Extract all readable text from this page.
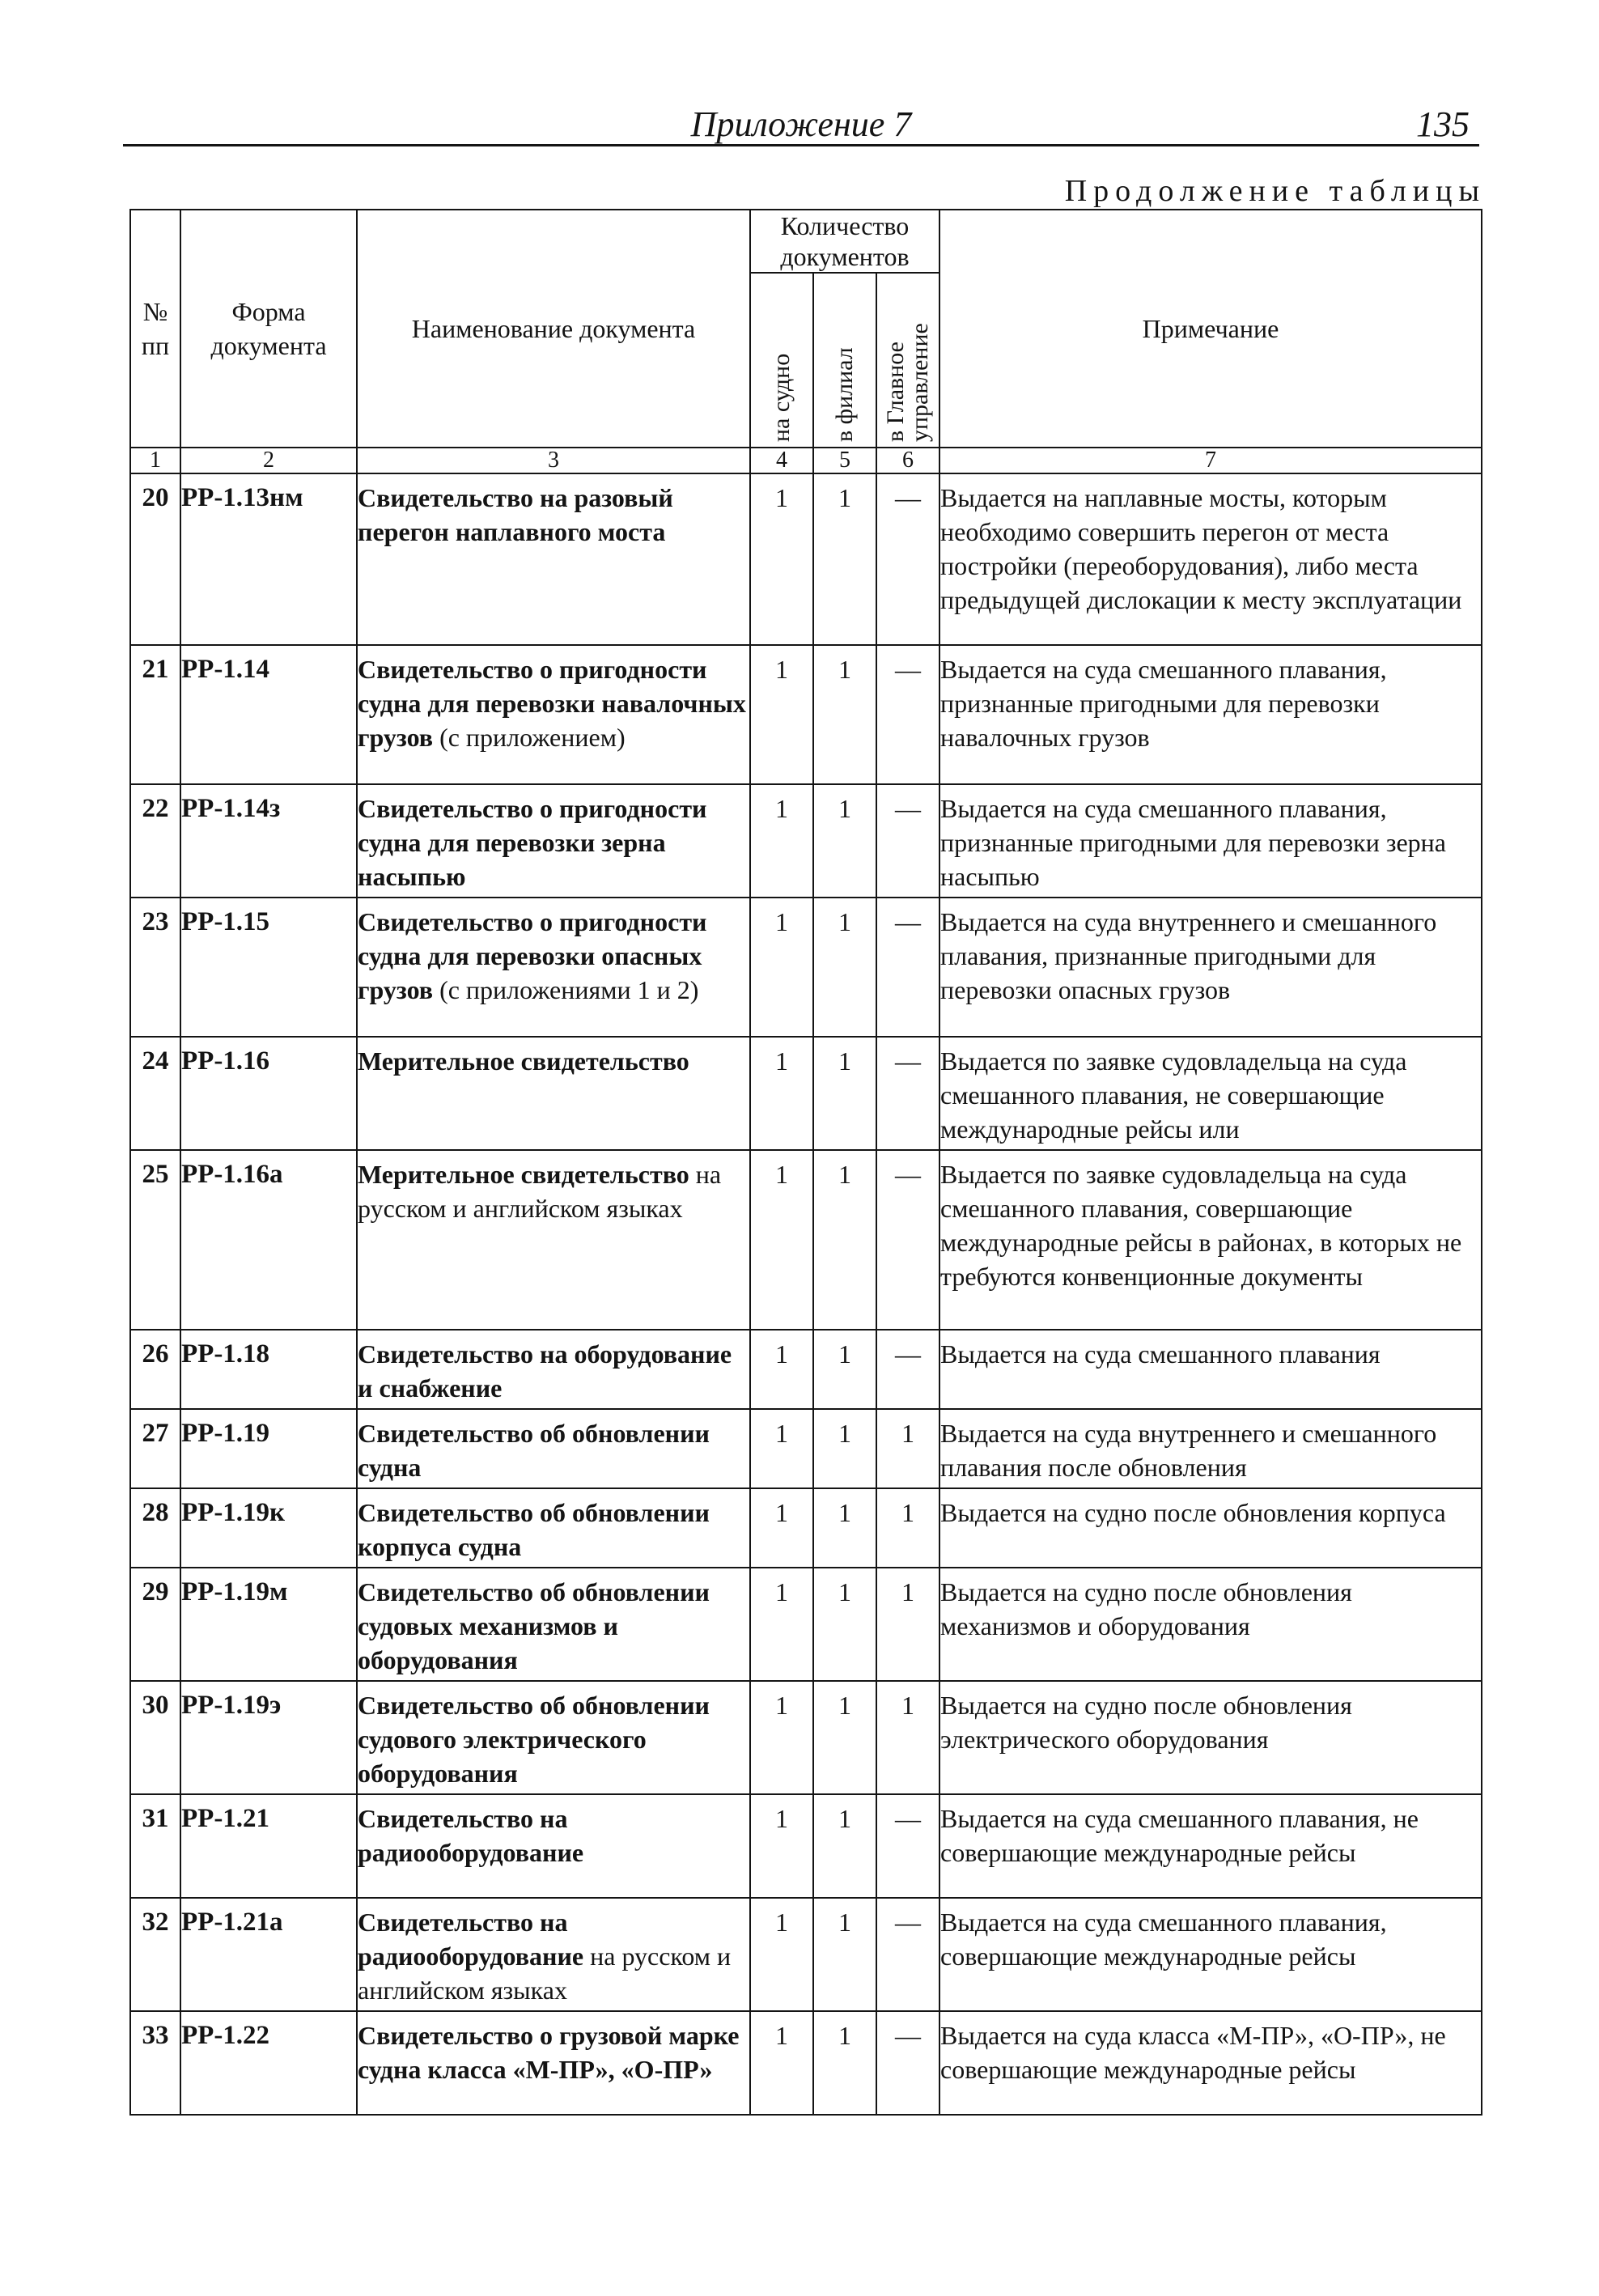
Приложение 7	135
Продолжение таблицы
№ пп	Форма документа	Наименование документа	Количество документов			Примечание

			на судно	в филиал	в Главное управление	

1	2	3	4	5	6	7
20	РР-1.13нм	Свидетельство на разовый перегон наплавного моста	1	1	—	Выдается на наплавные мосты, которым необходимо совершить перегон от места постройки (переоборудования), либо места предыдущей дислокации к месту эксплуатации
21	РР-1.14	Свидетельство о пригодности судна для перевозки навалочных грузов (с приложением)	1	1	—	Выдается на суда смешанного плавания, признанные пригодными для перевозки навалочных грузов
22	РР-1.14з	Свидетельство о пригодности судна для перевозки зерна насыпью	1	1	—	Выдается на суда смешанного плавания, признанные пригодными для перевозки зерна насыпью
23	РР-1.15	Свидетельство о пригодности судна для перевозки опасных грузов (с приложениями 1 и 2)	1	1	—	Выдается на суда внутреннего и смешанного плавания, признанные пригодными для перевозки опасных грузов
24	РР-1.16	Мерительное свидетельство	1	1	—	Выдается по заявке судовладельца на суда смешанного плавания, не совершающие международные рейсы или
25	РР-1.16а	Мерительное свидетельство на русском и английском языках	1	1	—	Выдается по заявке судовладельца на суда смешанного плавания, совершающие международные рейсы в районах, в которых не требуются конвенционные документы
26	РР-1.18	Свидетельство на оборудование и снабжение	1	1	—	Выдается на суда смешанного плавания
27	РР-1.19	Свидетельство об обновлении судна	1	1	1	Выдается на суда внутреннего и смешанного плавания после обновления
28	РР-1.19к	Свидетельство об обновлении корпуса судна	1	1	1	Выдается на судно после обновления корпуса
29	РР-1.19м	Свидетельство об обновлении судовых механизмов и оборудования	1	1	1	Выдается на судно после обновления механизмов и оборудования
30	РР-1.19э	Свидетельство об обновлении судового электрического оборудования	1	1	1	Выдается на судно после обновления электрического оборудования
31	РР-1.21	Свидетельство на радиооборудование	1	1	—	Выдается на суда смешанного плавания, не совершающие международные рейсы
32	РР-1.21а	Свидетельство на радиооборудование на русском и английском языках	1	1	—	Выдается на суда смешанного плавания, совершающие международные рейсы
33	РР-1.22	Свидетельство о грузовой марке судна класса «М-ПР», «О-ПР»	1	1	—	Выдается на суда класса «М-ПР», «О-ПР», не совершающие международные рейсы
